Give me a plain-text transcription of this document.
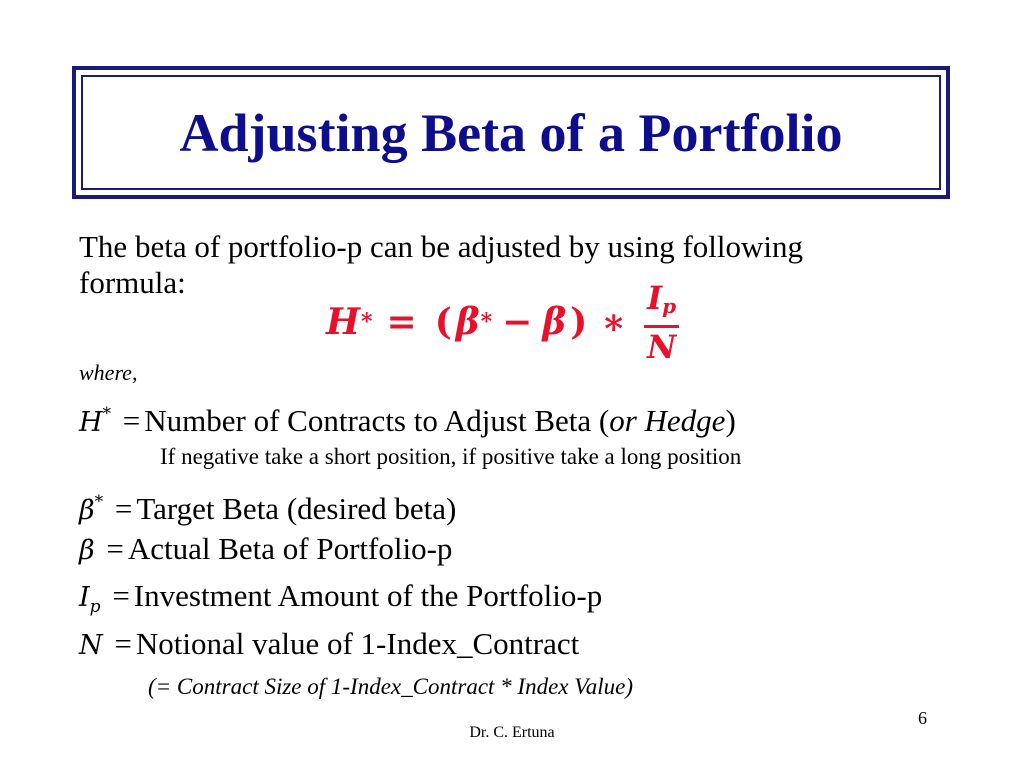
Adjusting Beta of a Portfolio
The beta of portfolio-p can be adjusted by using following
formula:
H * = ( β * − β ) ∗ $\frac{I_p}{N}$
where,
H* = Number of Contracts to Adjust Beta (or Hedge)
If negative take a short position, if positive take a long position
β* = Target Beta (desired beta)
β = Actual Beta of Portfolio-p
$I_p$ = Investment Amount of the Portfolio-p
N = Notional value of 1-Index_Contract
(= Contract Size of 1-Index_Contract * Index Value)
6
Dr. C. Ertuna
